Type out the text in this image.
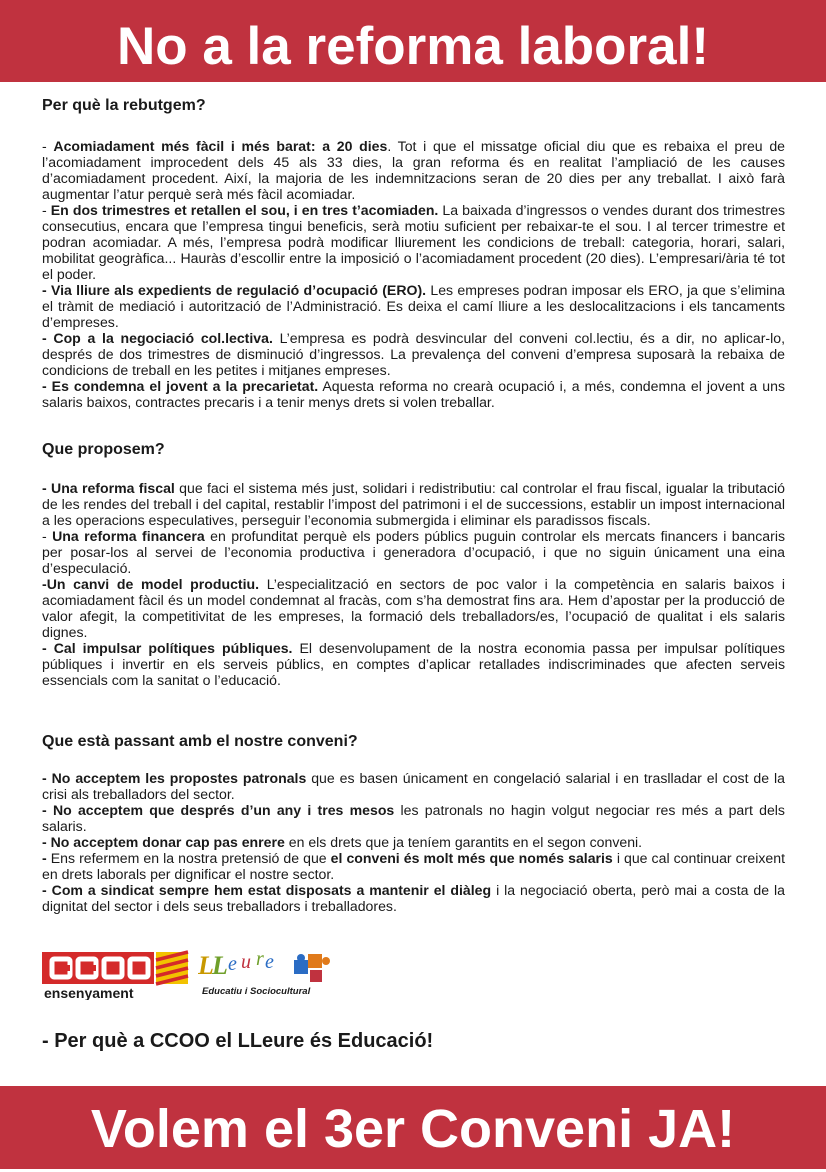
No a la reforma laboral!
Per què la rebutgem?

- Acomiadament més fàcil i més barat: a 20 dies. Tot i que el missatge oficial diu que es rebaixa el preu de l’acomiadament improcedent dels 45 als 33 dies, la gran reforma és en realitat l’ampliació de les causes d’acomiadament procedent. Així, la majoria de les indemnitzacions seran de 20 dies per any treballat. I això farà augmentar l’atur perquè serà més fàcil acomiadar.

- En dos trimestres et retallen el sou, i en tres t’acomiaden. La baixada d’ingressos o vendes durant dos trimestres consecutius, encara que l’empresa tingui beneficis, serà motiu suficient per rebaixar-te el sou. I al tercer trimestre et podran acomiadar. A més, l’empresa podrà modificar lliurement les condicions de treball: categoria, horari, salari, mobilitat geogràfica... Hauràs d’escollir entre la imposició o l’acomiadament procedent (20 dies). L’empresari/ària té tot el poder.

- Via lliure als expedients de regulació d’ocupació (ERO). Les empreses podran imposar els ERO, ja que s’elimina el tràmit de mediació i autorització de l’Administració. Es deixa el camí lliure a les deslocalitzacions i els tancaments d’empreses.

- Cop a la negociació col.lectiva. L’empresa es podrà desvincular del conveni col.lectiu, és a dir, no aplicar-lo, després de dos trimestres de disminució d’ingressos. La prevalença del conveni d’empresa suposarà la rebaixa de condicions de treball en les petites i mitjanes empreses.

- Es condemna el jovent a la precarietat. Aquesta reforma no crearà ocupació i, a més, condemna el jovent a uns salaris baixos, contractes precaris i a tenir menys drets si volen treballar.

Que proposem?

- Una reforma fiscal que faci el sistema més just, solidari i redistributiu: cal controlar el frau fiscal, igualar la tributació de les rendes del treball i del capital, restablir l’impost del patrimoni i el de successions, establir un impost internacional a les operacions especulatives, perseguir l’economia submergida i eliminar els paradissos fiscals.

- Una reforma financera en profunditat perquè els poders públics puguin controlar els mercats financers i bancaris per posar-los al servei de l’economia productiva i generadora d’ocupació, i que no siguin únicament una eina d’especulació.

-Un canvi de model productiu. L’especialització en sectors de poc valor i la competència en salaris baixos i acomiadament fàcil és un model condemnat al fracàs, com s’ha demostrat fins ara. Hem d’apostar per la producció de valor afegit, la competitivitat de les empreses, la formació dels treballadors/es, l’ocupació de qualitat i els salaris dignes.

- Cal impulsar polítiques públiques. El desenvolupament de la nostra economia passa per impulsar polítiques públiques i invertir en els serveis públics, en comptes d’aplicar retallades indiscriminades que afecten serveis essencials com la sanitat o l’educació.

Que està passant amb el nostre conveni?

- No acceptem les propostes patronals que es basen únicament en congelació salarial i en traslladar el cost de la crisi als treballadors del sector.

- No acceptem que després d’un any i tres mesos les patronals no hagin volgut negociar res més a part dels salaris.

- No acceptem donar cap pas enrere en els drets que ja teníem garantits en el segon conveni.

- Ens refermem en la nostra pretensió de que el conveni és molt més que només salaris i que cal continuar creixent en drets laborals per dignificar el nostre sector.

- Com a sindicat sempre hem estat disposats a mantenir el diàleg i la negociació oberta, però mai a costa de la dignitat del sector i dels seus treballadors i treballadores.

ensenyament
L
L e u r e
Educatiu i Sociocultural
- Per què a CCOO el LLeure és Educació!
Volem el 3er Conveni JA!
